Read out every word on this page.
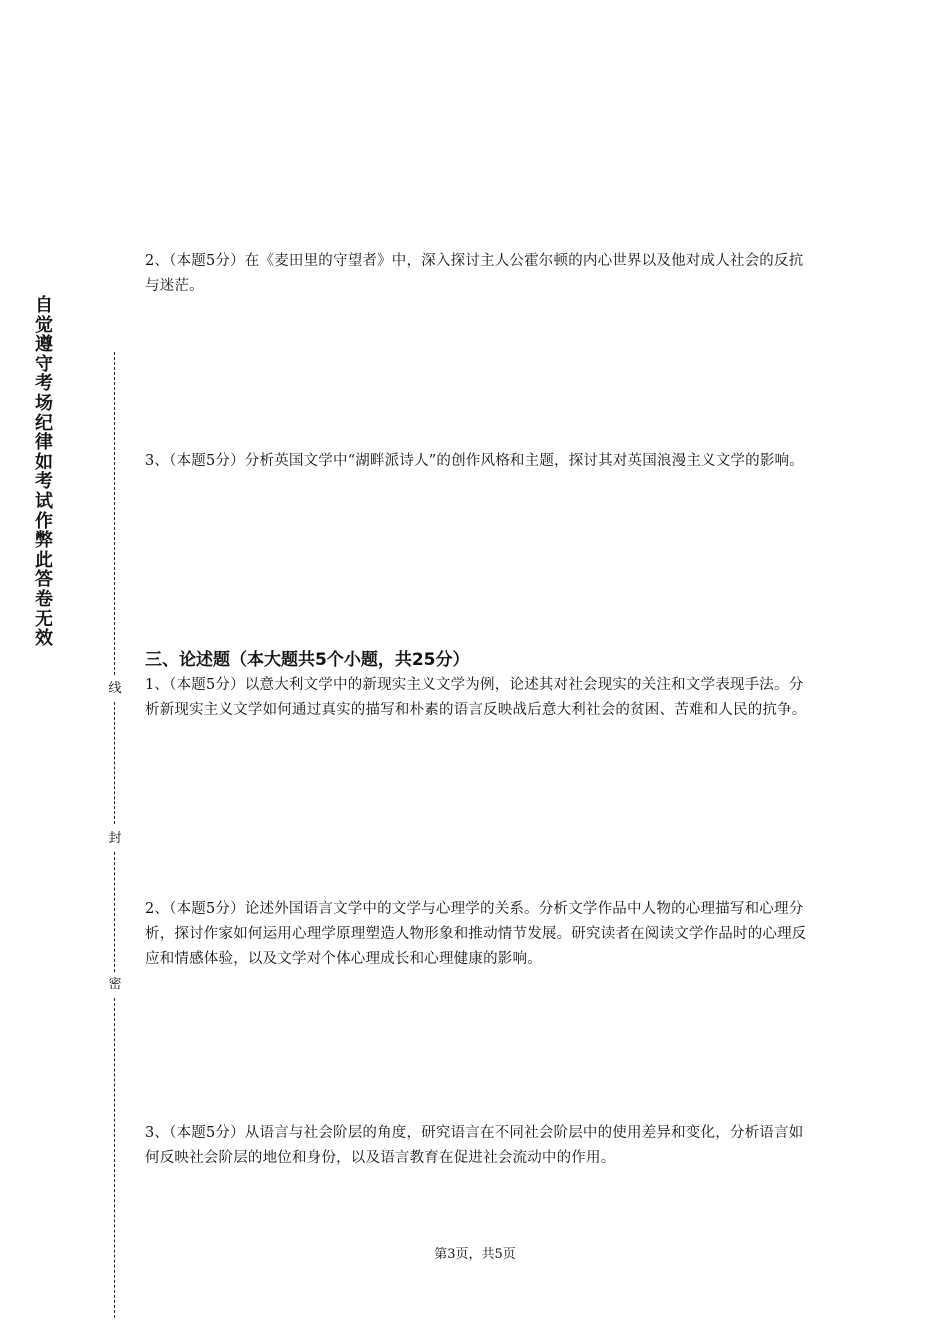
自觉遵守考场纪律如考试作弊此答卷无效

线
封
密

2、（本题5分）在《麦田里的守望者》中，深入探讨主人公霍尔顿的内心世界以及他对成人社会的反抗与迷茫。

3、（本题5分）分析英国文学中“湖畔派诗人”的创作风格和主题，探讨其对英国浪漫主义文学的影响。

三、论述题（本大题共5个小题，共25分）

1、（本题5分）以意大利文学中的新现实主义文学为例，论述其对社会现实的关注和文学表现手法。分析新现实主义文学如何通过真实的描写和朴素的语言反映战后意大利社会的贫困、苦难和人民的抗争。

2、（本题5分）论述外国语言文学中的文学与心理学的关系。分析文学作品中人物的心理描写和心理分析，探讨作家如何运用心理学原理塑造人物形象和推动情节发展。研究读者在阅读文学作品时的心理反应和情感体验，以及文学对个体心理成长和心理健康的影响。

3、（本题5分）从语言与社会阶层的角度，研究语言在不同社会阶层中的使用差异和变化，分析语言如何反映社会阶层的地位和身份，以及语言教育在促进社会流动中的作用。

第3页，共5页
